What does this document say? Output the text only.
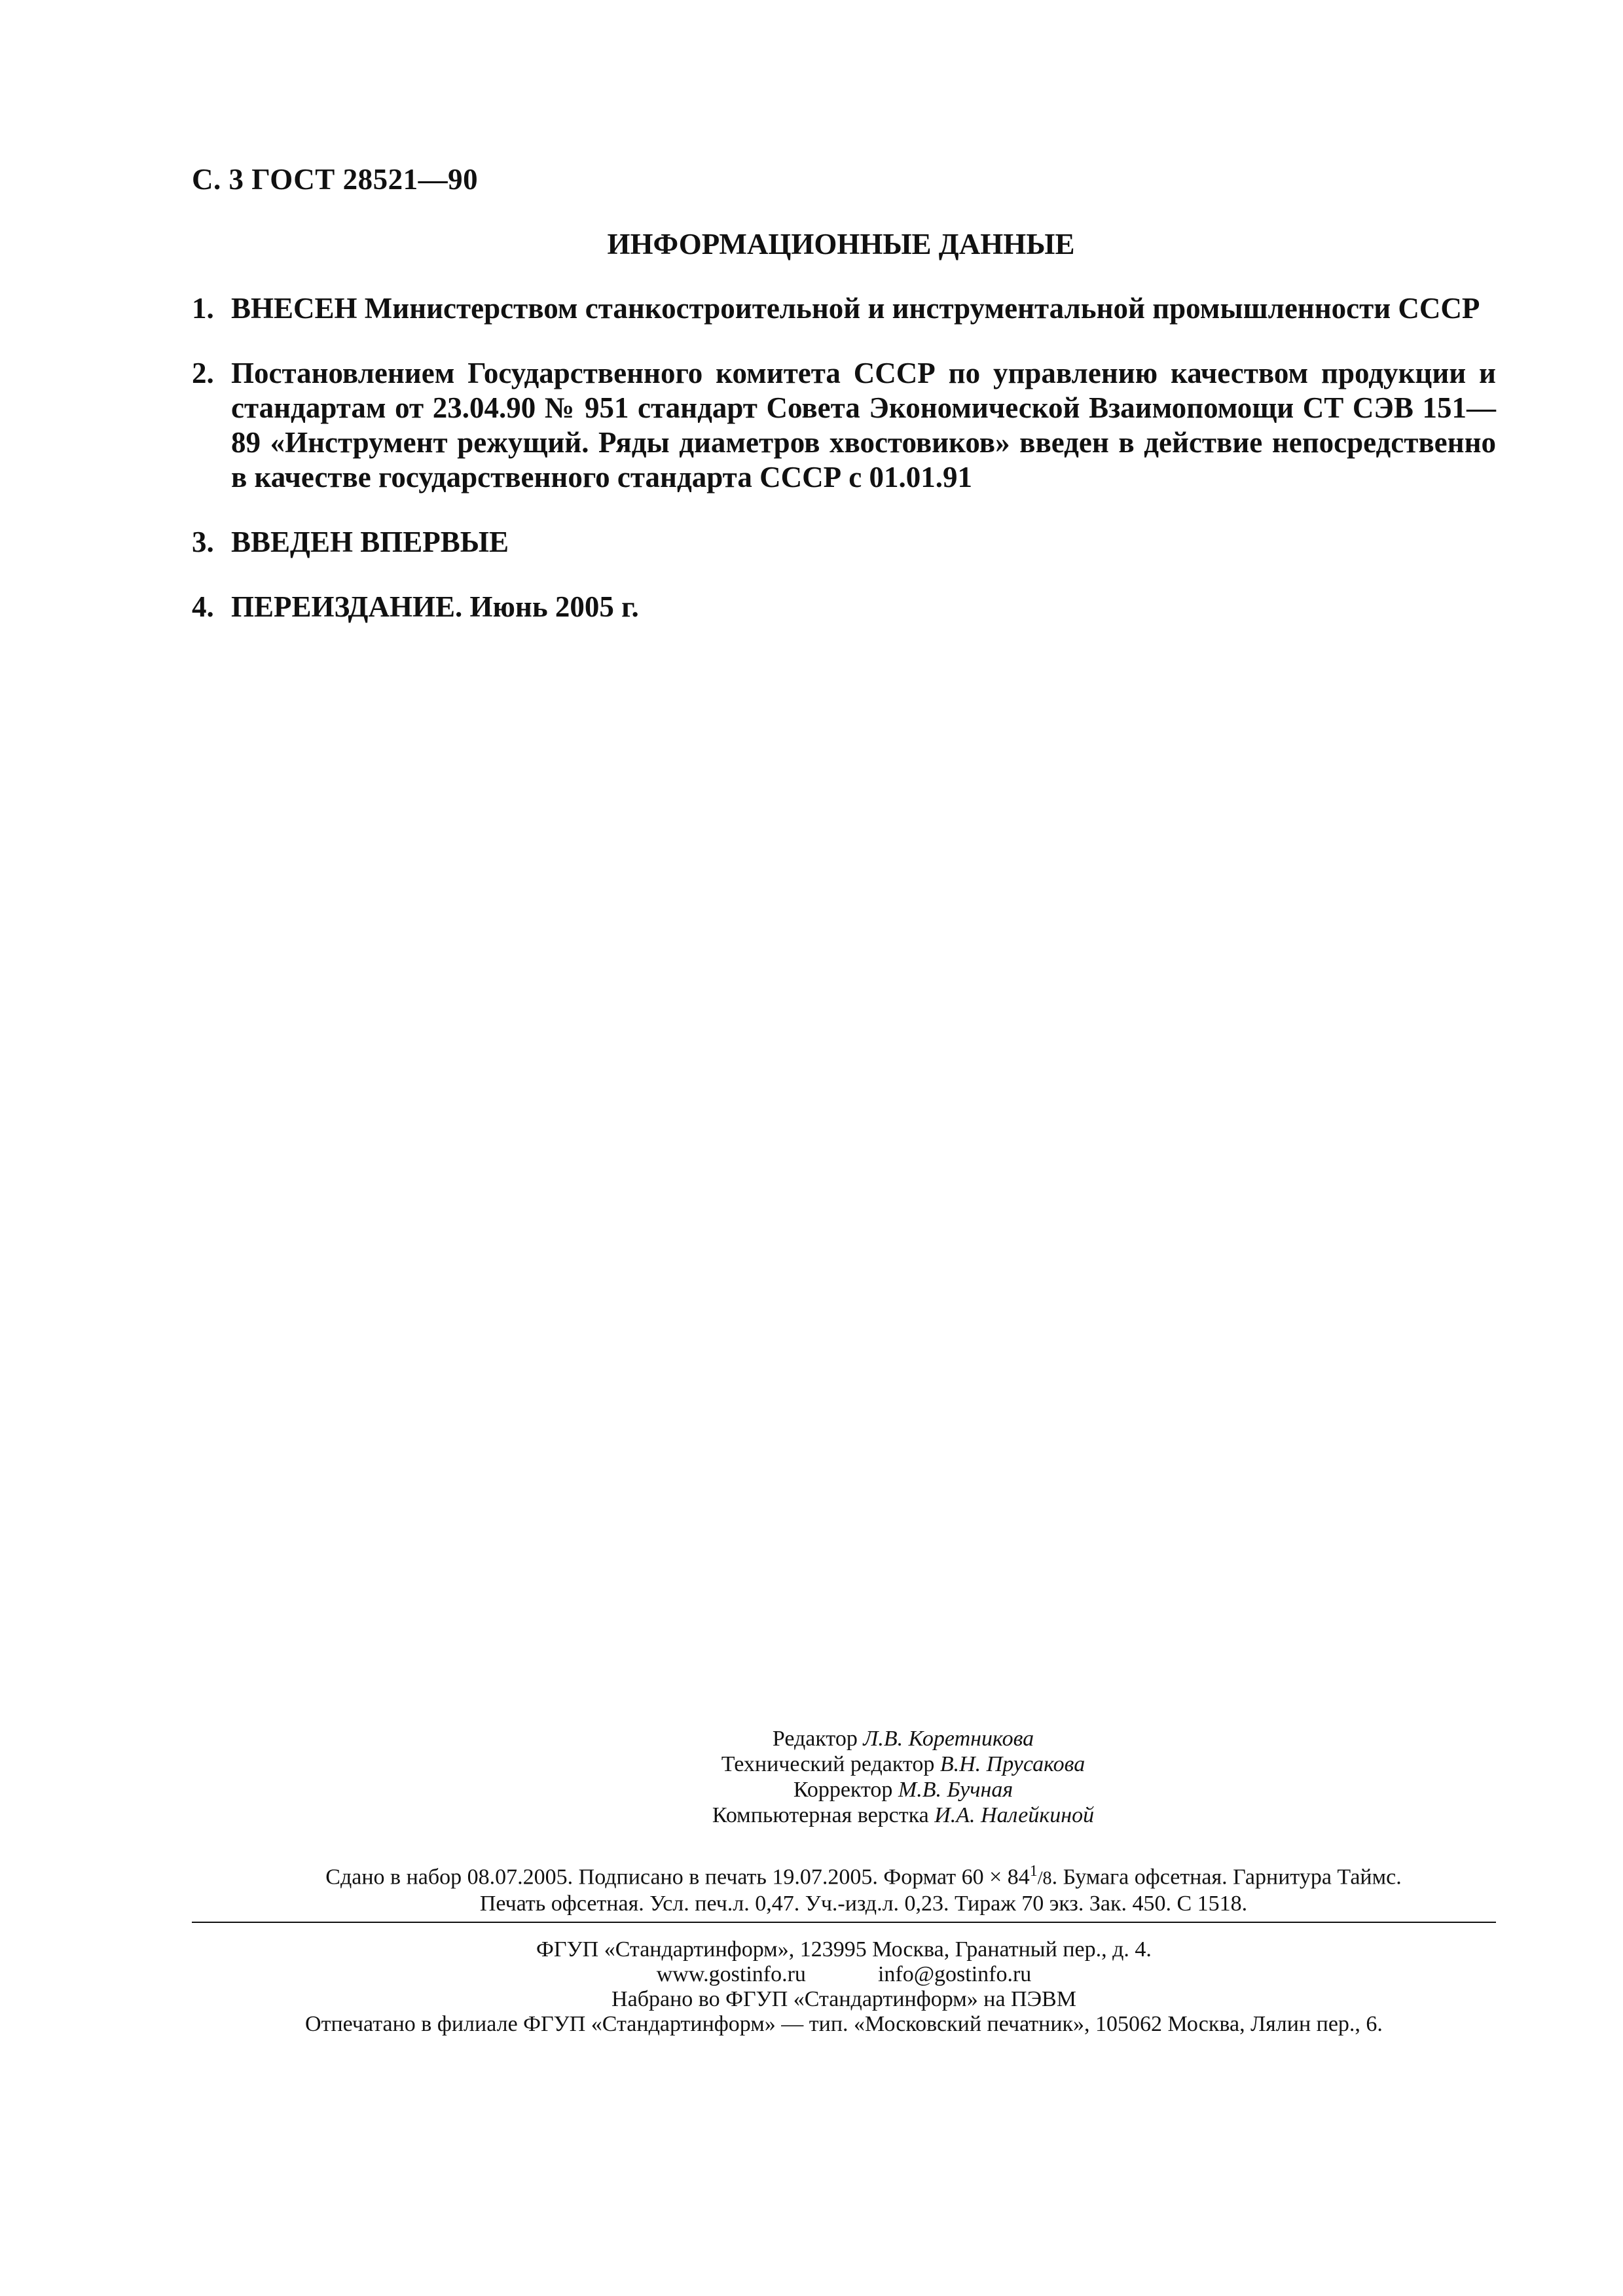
С. 3 ГОСТ 28521—90
ИНФОРМАЦИОННЫЕ ДАННЫЕ
1. ВНЕСЕН Министерством станкостроительной и инструментальной промышленности СССР
2. Постановлением Государственного комитета СССР по управлению качеством продукции и стандартам от 23.04.90 № 951 стандарт Совета Экономической Взаимопомощи СТ СЭВ 151—89 «Инструмент режущий. Ряды диаметров хвостовиков» введен в действие непосредственно в качестве государственного стандарта СССР с 01.01.91
3. ВВЕДЕН ВПЕРВЫЕ
4. ПЕРЕИЗДАНИЕ. Июнь 2005 г.
Редактор Л.В. Коретникова
Технический редактор В.Н. Прусакова
Корректор М.В. Бучная
Компьютерная верстка И.А. Налейкиной
Сдано в набор 08.07.2005. Подписано в печать 19.07.2005. Формат $60 \times 84^1/8$. Бумага офсетная. Гарнитура Таймс.
Печать офсетная. Усл. печ.л. 0,47. Уч.-изд.л. 0,23. Тираж 70 экз. Зак. 450. С 1518.
ФГУП «Стандартинформ», 123995 Москва, Гранатный пер., д. 4.
www.gostinfo.ru	info@gostinfo.ru
Набрано во ФГУП «Стандартинформ» на ПЭВМ
Отпечатано в филиале ФГУП «Стандартинформ» — тип. «Московский печатник», 105062 Москва, Лялин пер., 6.
